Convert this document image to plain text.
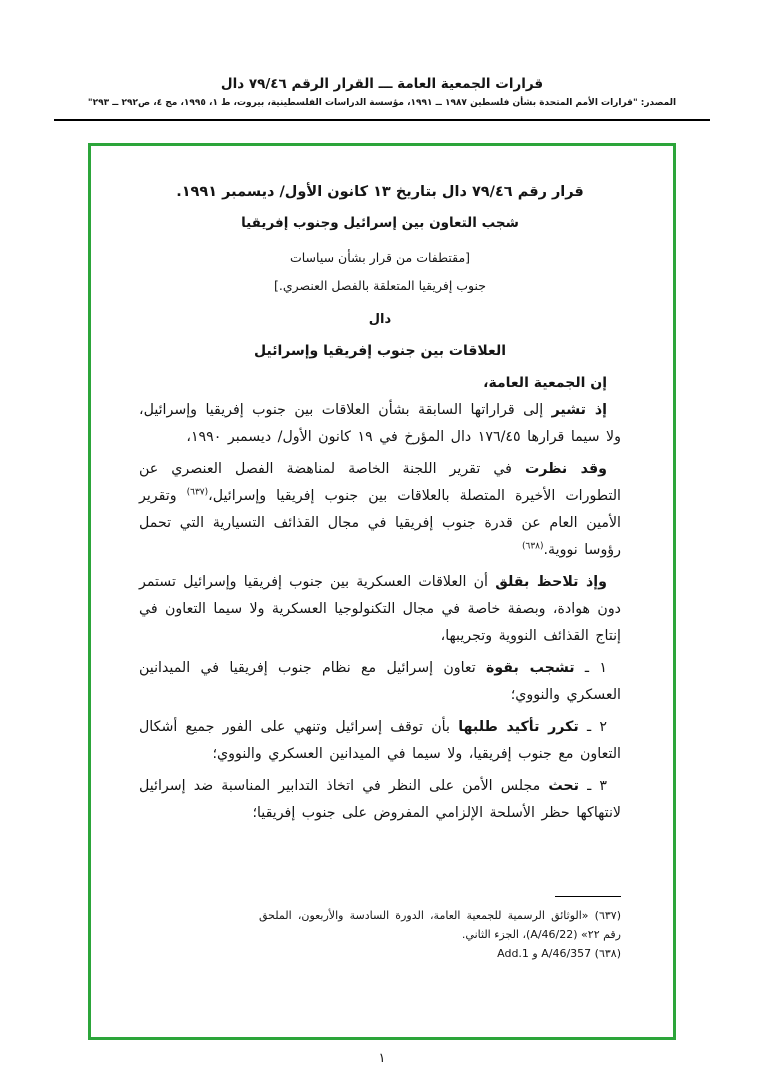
قرارات الجمعية العامة ـــ القرار الرقم ٧٩/٤٦ دال
المصدر: "قرارات الأمم المتحدة بشأن فلسطين ١٩٨٧ ــ ١٩٩١، مؤسسة الدراسات الفلسطينية، بيروت، ط ١، ١٩٩٥، مج ٤، ص٢٩٢ ــ ٢٩٣"
قرار رقم ٧٩/٤٦ دال بتاريخ ١٣ كانون الأول/ ديسمبر ١٩٩١.
شجب التعاون بين إسرائيل وجنوب إفريقيا
[مقتطفات من قرار بشأن سياسات
جنوب إفريقيا المتعلقة بالفصل العنصري.]
دال
العلاقات بين جنوب إفريقيا وإسرائيل
إن الجمعية العامة،

إذ تشير إلى قراراتها السابقة بشأن العلاقات بين جنوب إفريقيا وإسرائيل، ولا سيما قرارها ١٧٦/٤٥ دال المؤرخ في ١٩ كانون الأول/ ديسمبر ١٩٩٠،

وقد نظرت في تقرير اللجنة الخاصة لمناهضة الفصل العنصري عن التطورات الأخيرة المتصلة بالعلاقات بين جنوب إفريقيا وإسرائيل،$^{(٦٣٧)}$ وتقرير الأمين العام عن قدرة جنوب إفريقيا في مجال القذائف التسيارية التي تحمل رؤوسا نووية.$^{(٦٣٨)}$

وإذ تلاحظ بقلق أن العلاقات العسكرية بين جنوب إفريقيا وإسرائيل تستمر دون هوادة، وبصفة خاصة في مجال التكنولوجيا العسكرية ولا سيما التعاون في إنتاج القذائف النووية وتجريبها،

١ ـ تشجب بقوة تعاون إسرائيل مع نظام جنوب إفريقيا في الميدانين العسكري والنووي؛

٢ ـ تكرر تأكيد طلبها بأن توقف إسرائيل وتنهي على الفور جميع أشكال التعاون مع جنوب إفريقيا، ولا سيما في الميدانين العسكري والنووي؛

٣ ـ تحث مجلس الأمن على النظر في اتخاذ التدابير المناسبة ضد إسرائيل لانتهاكها حظر الأسلحة الإلزامي المفروض على جنوب إفريقيا؛

(٦٣٧) «الوثائق الرسمية للجمعية العامة، الدورة السادسة والأربعون، الملحق رقم ٢٢» (A/46/22)، الجزء الثاني.

(٦٣٨) A/46/357 و Add.1

١
